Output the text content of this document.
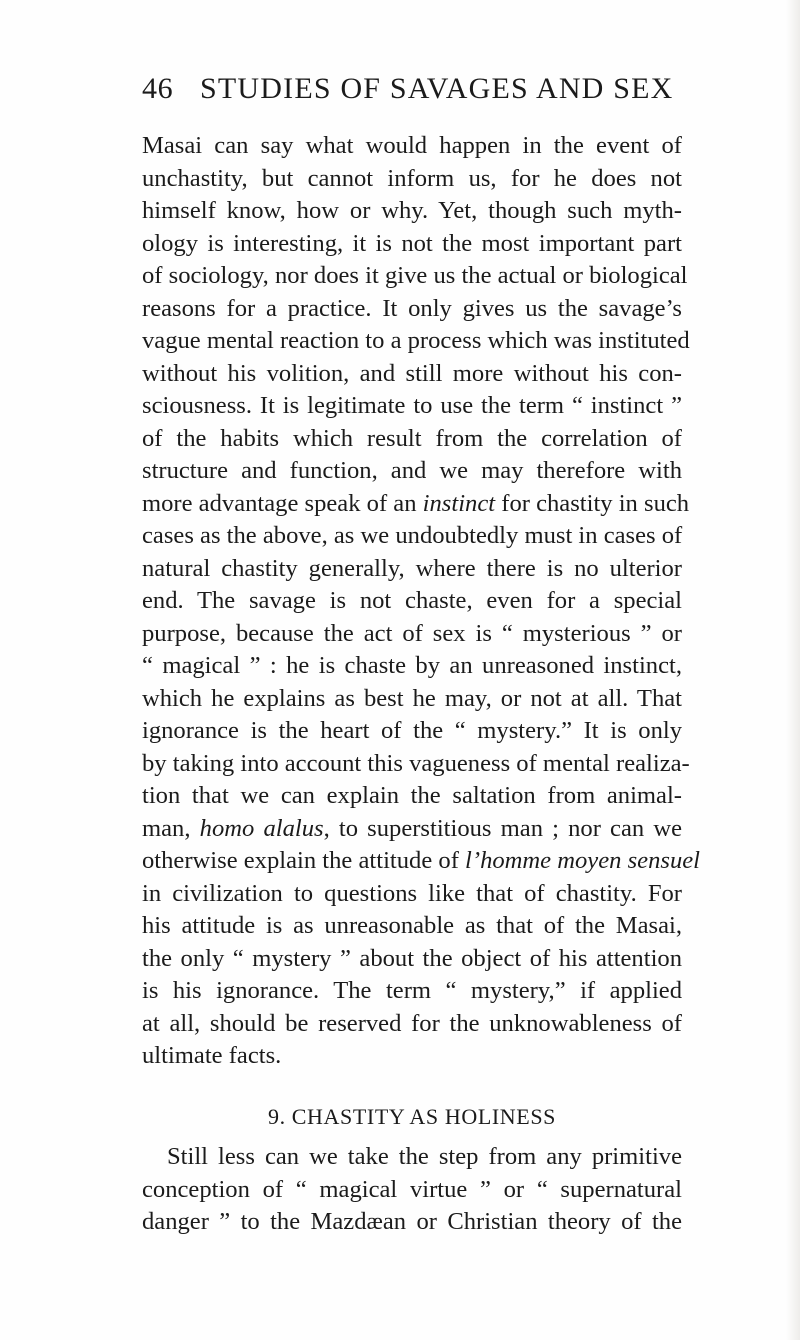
46 STUDIES OF SAVAGES AND SEX
Masai can say what would happen in the event of
unchastity, but cannot inform us, for he does not
himself know, how or why. Yet, though such myth-
ology is interesting, it is not the most important part
of sociology, nor does it give us the actual or biological
reasons for a practice. It only gives us the savage’s
vague mental reaction to a process which was instituted
without his volition, and still more without his con-
sciousness. It is legitimate to use the term “ instinct ”
of the habits which result from the correlation of
structure and function, and we may therefore with
more advantage speak of an instinct for chastity in such
cases as the above, as we undoubtedly must in cases of
natural chastity generally, where there is no ulterior
end. The savage is not chaste, even for a special
purpose, because the act of sex is “ mysterious ” or
“ magical ” : he is chaste by an unreasoned instinct,
which he explains as best he may, or not at all. That
ignorance is the heart of the “ mystery.” It is only
by taking into account this vagueness of mental realiza-
tion that we can explain the saltation from animal-
man, homo alalus, to superstitious man ; nor can we
otherwise explain the attitude of l’homme moyen sensuel
in civilization to questions like that of chastity. For
his attitude is as unreasonable as that of the Masai,
the only “ mystery ” about the object of his attention
is his ignorance. The term “ mystery,” if applied
at all, should be reserved for the unknowableness of
ultimate facts.
9. CHASTITY AS HOLINESS
Still less can we take the step from any primitive
conception of “ magical virtue ” or “ supernatural
danger ” to the Mazdæan or Christian theory of the
